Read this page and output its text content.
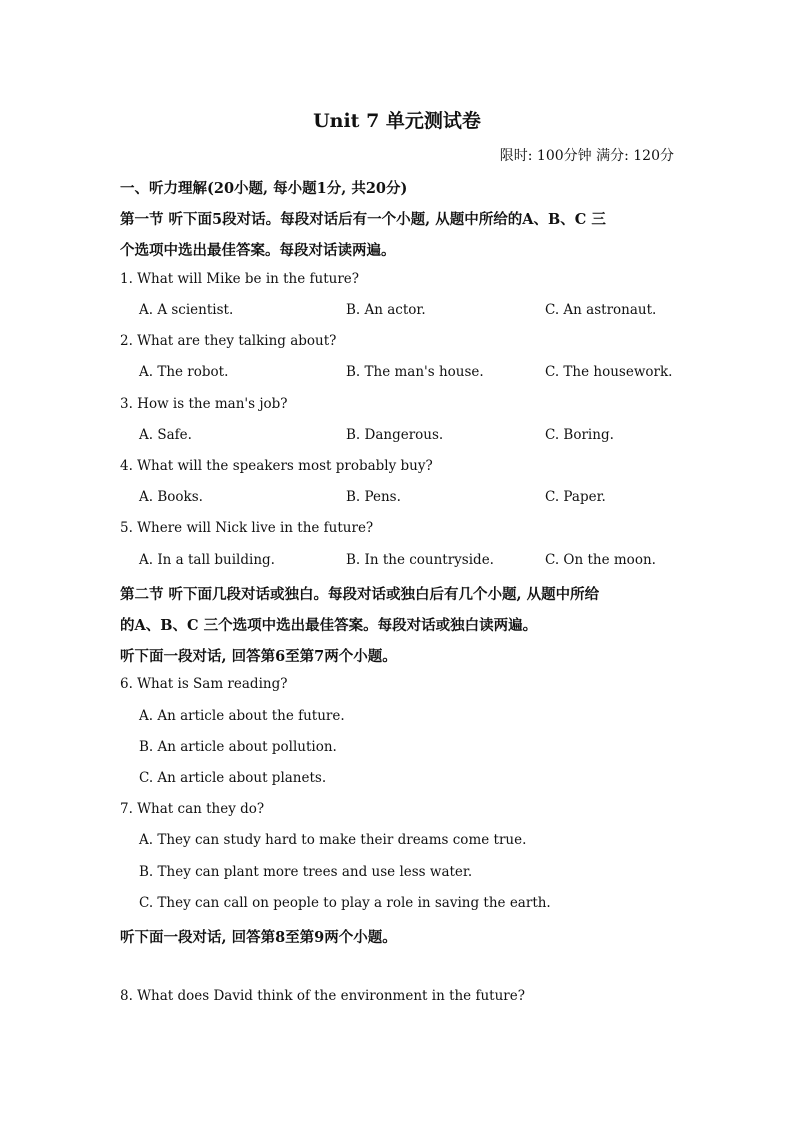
Unit 7 单元测试卷
限时: 100分钟 满分: 120分
一、听力理解(20小题, 每小题1分, 共20分)
第一节 听下面5段对话。每段对话后有一个小题, 从题中所给的A、B、C 三
个选项中选出最佳答案。每段对话读两遍。
1. What will Mike be in the future?
A. A scientist.	B. An actor.	C. An astronaut.
2. What are they talking about?
A. The robot.	B. The man's house.	C. The housework.
3. How is the man's job?
A. Safe.	B. Dangerous.	C. Boring.
4. What will the speakers most probably buy?
A. Books.	B. Pens.	C. Paper.
5. Where will Nick live in the future?
A. In a tall building.	B. In the countryside.	C. On the moon.
第二节 听下面几段对话或独白。每段对话或独白后有几个小题, 从题中所给
的A、B、C 三个选项中选出最佳答案。每段对话或独白读两遍。
听下面一段对话, 回答第6至第7两个小题。
6. What is Sam reading?
A. An article about the future.
B. An article about pollution.
C. An article about planets.
7. What can they do?
A. They can study hard to make their dreams come true.
B. They can plant more trees and use less water.
C. They can call on people to play a role in saving the earth.
听下面一段对话, 回答第8至第9两个小题。
8. What does David think of the environment in the future?
